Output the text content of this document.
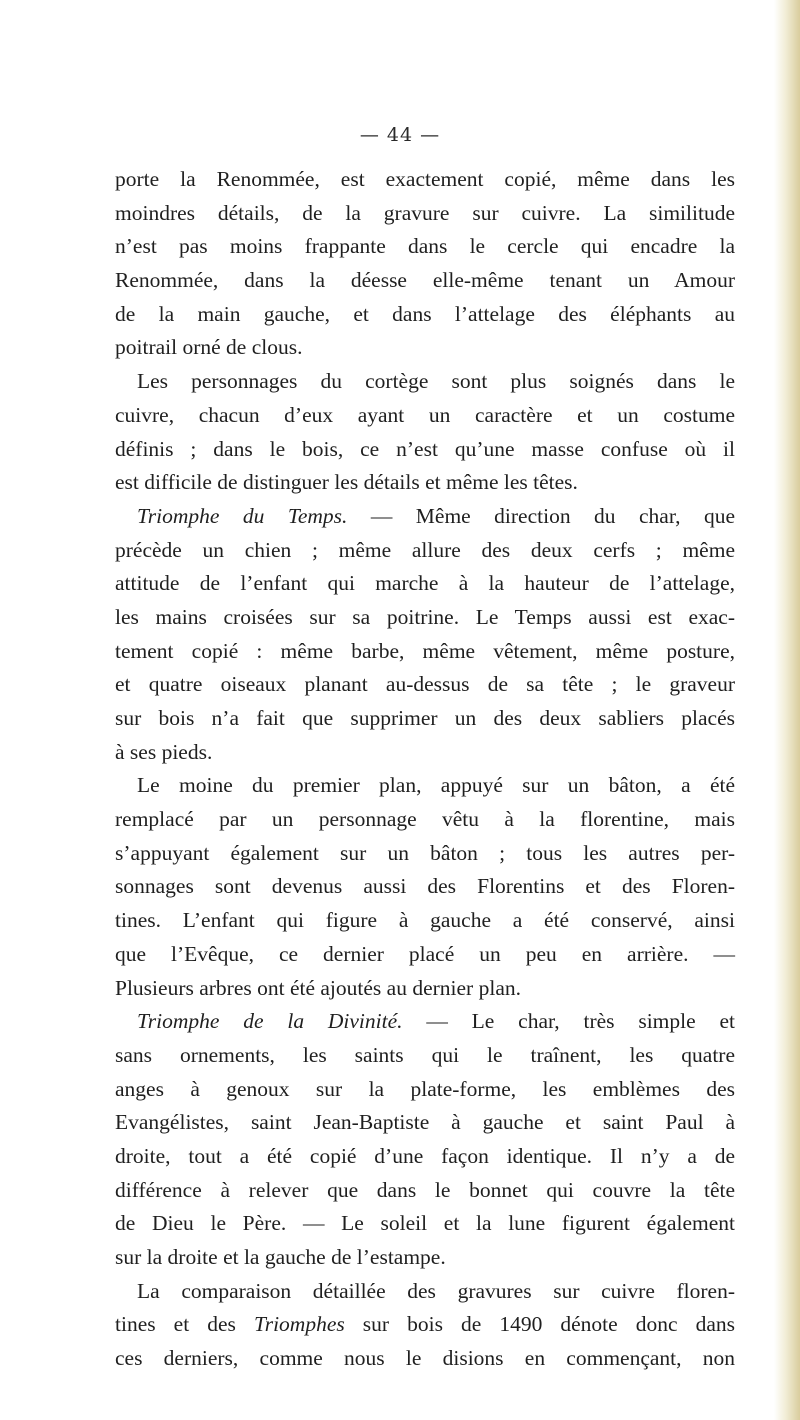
— 44 —
porte la Renommée, est exactement copié, même dans les
moindres détails, de la gravure sur cuivre. La similitude
n’est pas moins frappante dans le cercle qui encadre la
Renommée, dans la déesse elle-même tenant un Amour
de la main gauche, et dans l’attelage des éléphants au
poitrail orné de clous.
Les personnages du cortège sont plus soignés dans le
cuivre, chacun d’eux ayant un caractère et un costume
définis ; dans le bois, ce n’est qu’une masse confuse où il
est difficile de distinguer les détails et même les têtes.
Triomphe du Temps. — Même direction du char, que
précède un chien ; même allure des deux cerfs ; même
attitude de l’enfant qui marche à la hauteur de l’attelage,
les mains croisées sur sa poitrine. Le Temps aussi est exac-
tement copié : même barbe, même vêtement, même posture,
et quatre oiseaux planant au-dessus de sa tête ; le graveur
sur bois n’a fait que supprimer un des deux sabliers placés
à ses pieds.
Le moine du premier plan, appuyé sur un bâton, a été
remplacé par un personnage vêtu à la florentine, mais
s’appuyant également sur un bâton ; tous les autres per-
sonnages sont devenus aussi des Florentins et des Floren-
tines. L’enfant qui figure à gauche a été conservé, ainsi
que l’Evêque, ce dernier placé un peu en arrière. —
Plusieurs arbres ont été ajoutés au dernier plan.
Triomphe de la Divinité. — Le char, très simple et
sans ornements, les saints qui le traînent, les quatre
anges à genoux sur la plate-forme, les emblèmes des
Evangélistes, saint Jean-Baptiste à gauche et saint Paul à
droite, tout a été copié d’une façon identique. Il n’y a de
différence à relever que dans le bonnet qui couvre la tête
de Dieu le Père. — Le soleil et la lune figurent également
sur la droite et la gauche de l’estampe.
La comparaison détaillée des gravures sur cuivre floren-
tines et des Triomphes sur bois de 1490 dénote donc dans
ces derniers, comme nous le disions en commençant, non
